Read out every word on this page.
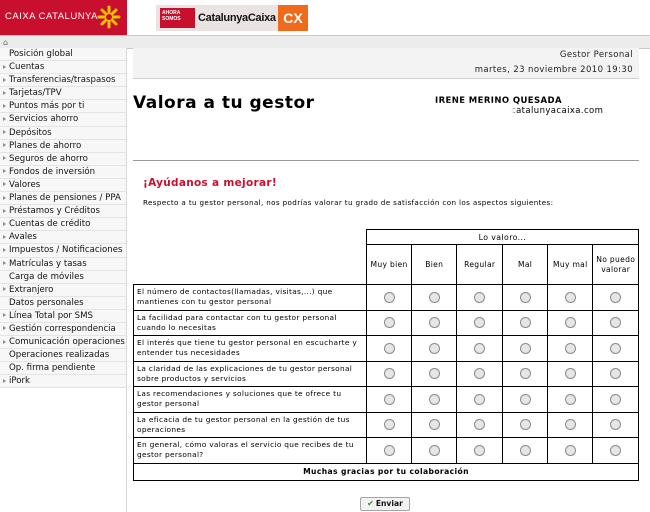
CAIXA CATALUNYA	AHORA SOMOS	CatalunyaCaixa CX
⌂
Posición global
Cuentas
Transferencias/traspasos
Tarjetas/TPV
Puntos más por ti
Servicios ahorro
Depósitos
Planes de ahorro
Seguros de ahorro
Fondos de inversión
Valores
Planes de pensiones / PPA
Préstamos y Créditos
Cuentas de crédito
Avales
Impuestos / Notificaciones
Matrículas y tasas
Carga de móviles
Extranjero
Datos personales
Línea Total por SMS
Gestión correspondencia
Comunicación operaciones
Operaciones realizadas
Op. firma pendiente
iPork
Gestor Personal
martes, 23 noviembre 2010 19:30
Valora a tu gestor	IRENE MERINO QUESADA
catalunyacaixa.com
¡Ayúdanos a mejorar!
Respecto a tu gestor personal, nos podrías valorar tu grado de satisfacción con los aspectos siguientes:
	Lo valoro...					
	Muy bien	Bien	Regular	Mal	Muy mal	No puedo valorar
El número de contactos(llamadas, visitas,...) que mantienes con tu gestor personal						
La facilidad para contactar con tu gestor personal cuando lo necesitas						
El interés que tiene tu gestor personal en escucharte y entender tus necesidades						
La claridad de las explicaciones de tu gestor personal sobre productos y servicios						
Las recomendaciones y soluciones que te ofrece tu gestor personal						
La eficacia de tu gestor personal en la gestión de tus operaciones						
En general, cómo valoras el servicio que recibes de tu gestor personal?						
Muchas gracias por tu colaboración						
✔ Enviar
